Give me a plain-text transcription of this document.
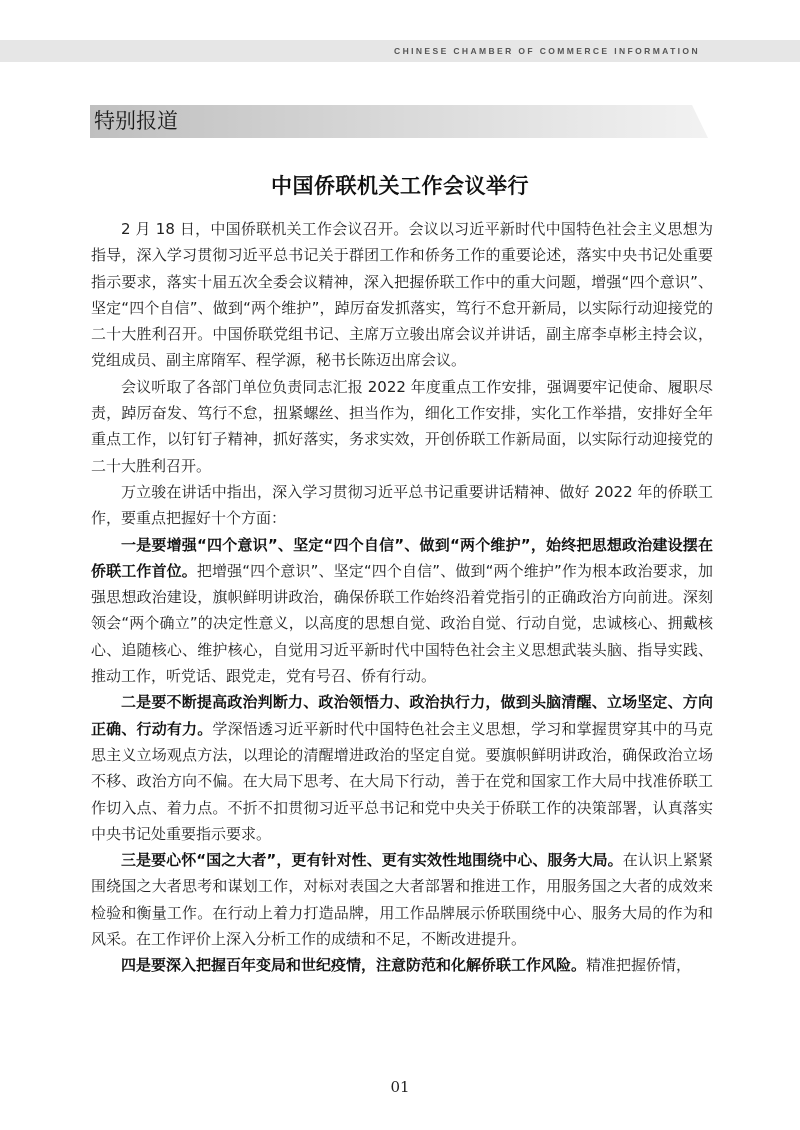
CHINESE CHAMBER OF COMMERCE INFORMATION
特别报道
中国侨联机关工作会议举行

2 月 18 日，中国侨联机关工作会议召开。会议以习近平新时代中国特色社会主义思想为指导，深入学习贯彻习近平总书记关于群团工作和侨务工作的重要论述，落实中央书记处重要指示要求，落实十届五次全委会议精神，深入把握侨联工作中的重大问题，增强“四个意识”、坚定“四个自信”、做到“两个维护”，踔厉奋发抓落实，笃行不怠开新局，以实际行动迎接党的二十大胜利召开。中国侨联党组书记、主席万立骏出席会议并讲话，副主席李卓彬主持会议，党组成员、副主席隋军、程学源，秘书长陈迈出席会议。

会议听取了各部门单位负责同志汇报 2022 年度重点工作安排，强调要牢记使命、履职尽责，踔厉奋发、笃行不怠，扭紧螺丝、担当作为，细化工作安排，实化工作举措，安排好全年重点工作，以钉钉子精神，抓好落实，务求实效，开创侨联工作新局面，以实际行动迎接党的二十大胜利召开。

万立骏在讲话中指出，深入学习贯彻习近平总书记重要讲话精神、做好 2022 年的侨联工作，要重点把握好十个方面：

一是要增强“四个意识”、坚定“四个自信”、做到“两个维护”，始终把思想政治建设摆在侨联工作首位。把增强“四个意识”、坚定“四个自信”、做到“两个维护”作为根本政治要求，加强思想政治建设，旗帜鲜明讲政治，确保侨联工作始终沿着党指引的正确政治方向前进。深刻领会“两个确立”的决定性意义，以高度的思想自觉、政治自觉、行动自觉，忠诚核心、拥戴核心、追随核心、维护核心，自觉用习近平新时代中国特色社会主义思想武装头脑、指导实践、推动工作，听党话、跟党走，党有号召、侨有行动。

二是要不断提高政治判断力、政治领悟力、政治执行力，做到头脑清醒、立场坚定、方向正确、行动有力。学深悟透习近平新时代中国特色社会主义思想，学习和掌握贯穿其中的马克思主义立场观点方法，以理论的清醒增进政治的坚定自觉。要旗帜鲜明讲政治，确保政治立场不移、政治方向不偏。在大局下思考、在大局下行动，善于在党和国家工作大局中找准侨联工作切入点、着力点。不折不扣贯彻习近平总书记和党中央关于侨联工作的决策部署，认真落实中央书记处重要指示要求。

三是要心怀“国之大者”，更有针对性、更有实效性地围绕中心、服务大局。在认识上紧紧围绕国之大者思考和谋划工作，对标对表国之大者部署和推进工作，用服务国之大者的成效来检验和衡量工作。在行动上着力打造品牌，用工作品牌展示侨联围绕中心、服务大局的作为和风采。在工作评价上深入分析工作的成绩和不足，不断改进提升。

四是要深入把握百年变局和世纪疫情，注意防范和化解侨联工作风险。精准把握侨情，

01
